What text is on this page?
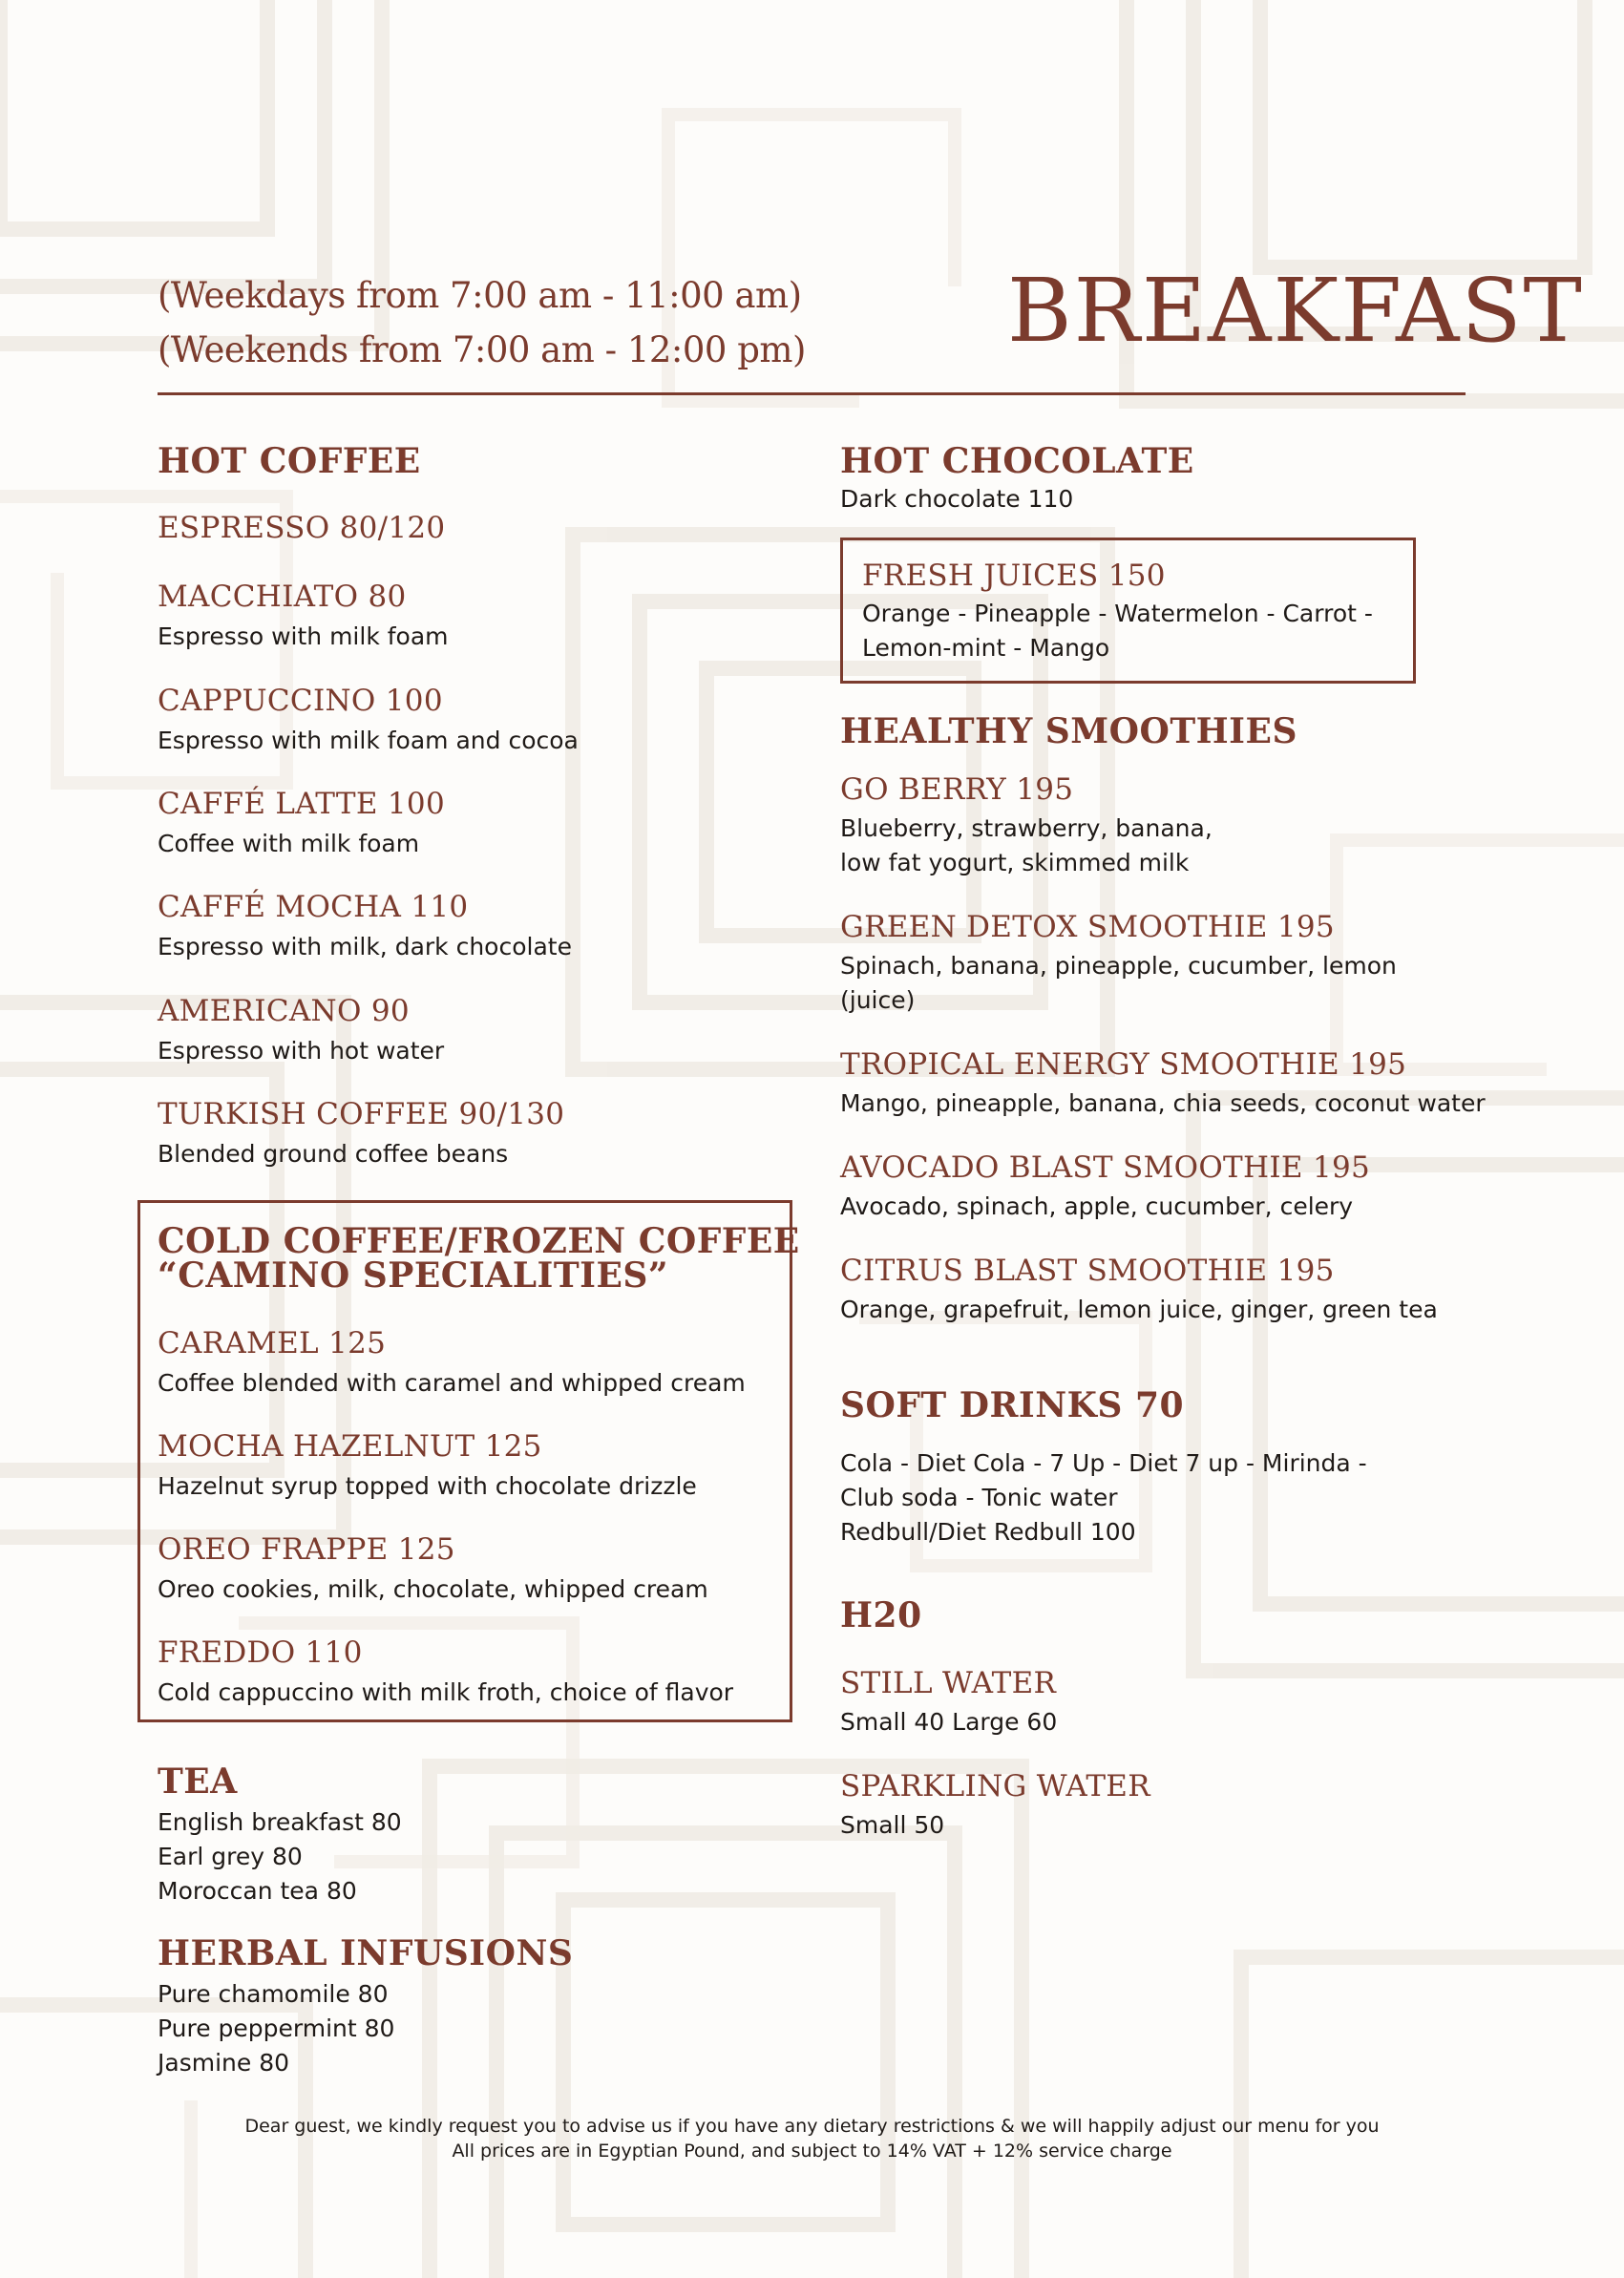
(Weekdays from 7:00 am - 11:00 am)
(Weekends from 7:00 am - 12:00 pm) BREAKFAST
HOT COFFEE
ESPRESSO 80/120
MACCHIATO 80
Espresso with milk foam
CAPPUCCINO 100
Espresso with milk foam and cocoa
CAFFÉ LATTE 100
Coffee with milk foam
CAFFÉ MOCHA 110
Espresso with milk, dark chocolate
AMERICANO 90
Espresso with hot water
TURKISH COFFEE 90/130
Blended ground coffee beans
COLD COFFEE/FROZEN COFFEE
“CAMINO SPECIALITIES”
CARAMEL 125
Coffee blended with caramel and whipped cream
MOCHA HAZELNUT 125
Hazelnut syrup topped with chocolate drizzle
OREO FRAPPE 125
Oreo cookies, milk, chocolate, whipped cream
FREDDO 110
Cold cappuccino with milk froth, choice of flavor
TEA
English breakfast 80
Earl grey 80
Moroccan tea 80
HERBAL INFUSIONS
Pure chamomile 80
Pure peppermint 80
Jasmine 80
HOT CHOCOLATE
Dark chocolate 110
FRESH JUICES 150
Orange - Pineapple - Watermelon - Carrot -
Lemon-mint - Mango
HEALTHY SMOOTHIES
GO BERRY 195
Blueberry, strawberry, banana,
low fat yogurt, skimmed milk
GREEN DETOX SMOOTHIE 195
Spinach, banana, pineapple, cucumber, lemon
(juice)
TROPICAL ENERGY SMOOTHIE 195
Mango, pineapple, banana, chia seeds, coconut water
AVOCADO BLAST SMOOTHIE 195
Avocado, spinach, apple, cucumber, celery
CITRUS BLAST SMOOTHIE 195
Orange, grapefruit, lemon juice, ginger, green tea
SOFT DRINKS 70
Cola - Diet Cola - 7 Up - Diet 7 up - Mirinda -
Club soda - Tonic water
Redbull/Diet Redbull 100
H20
STILL WATER
Small 40 Large 60
SPARKLING WATER
Small 50
Dear guest, we kindly request you to advise us if you have any dietary restrictions & we will happily adjust our menu for you
All prices are in Egyptian Pound, and subject to 14% VAT + 12% service charge
